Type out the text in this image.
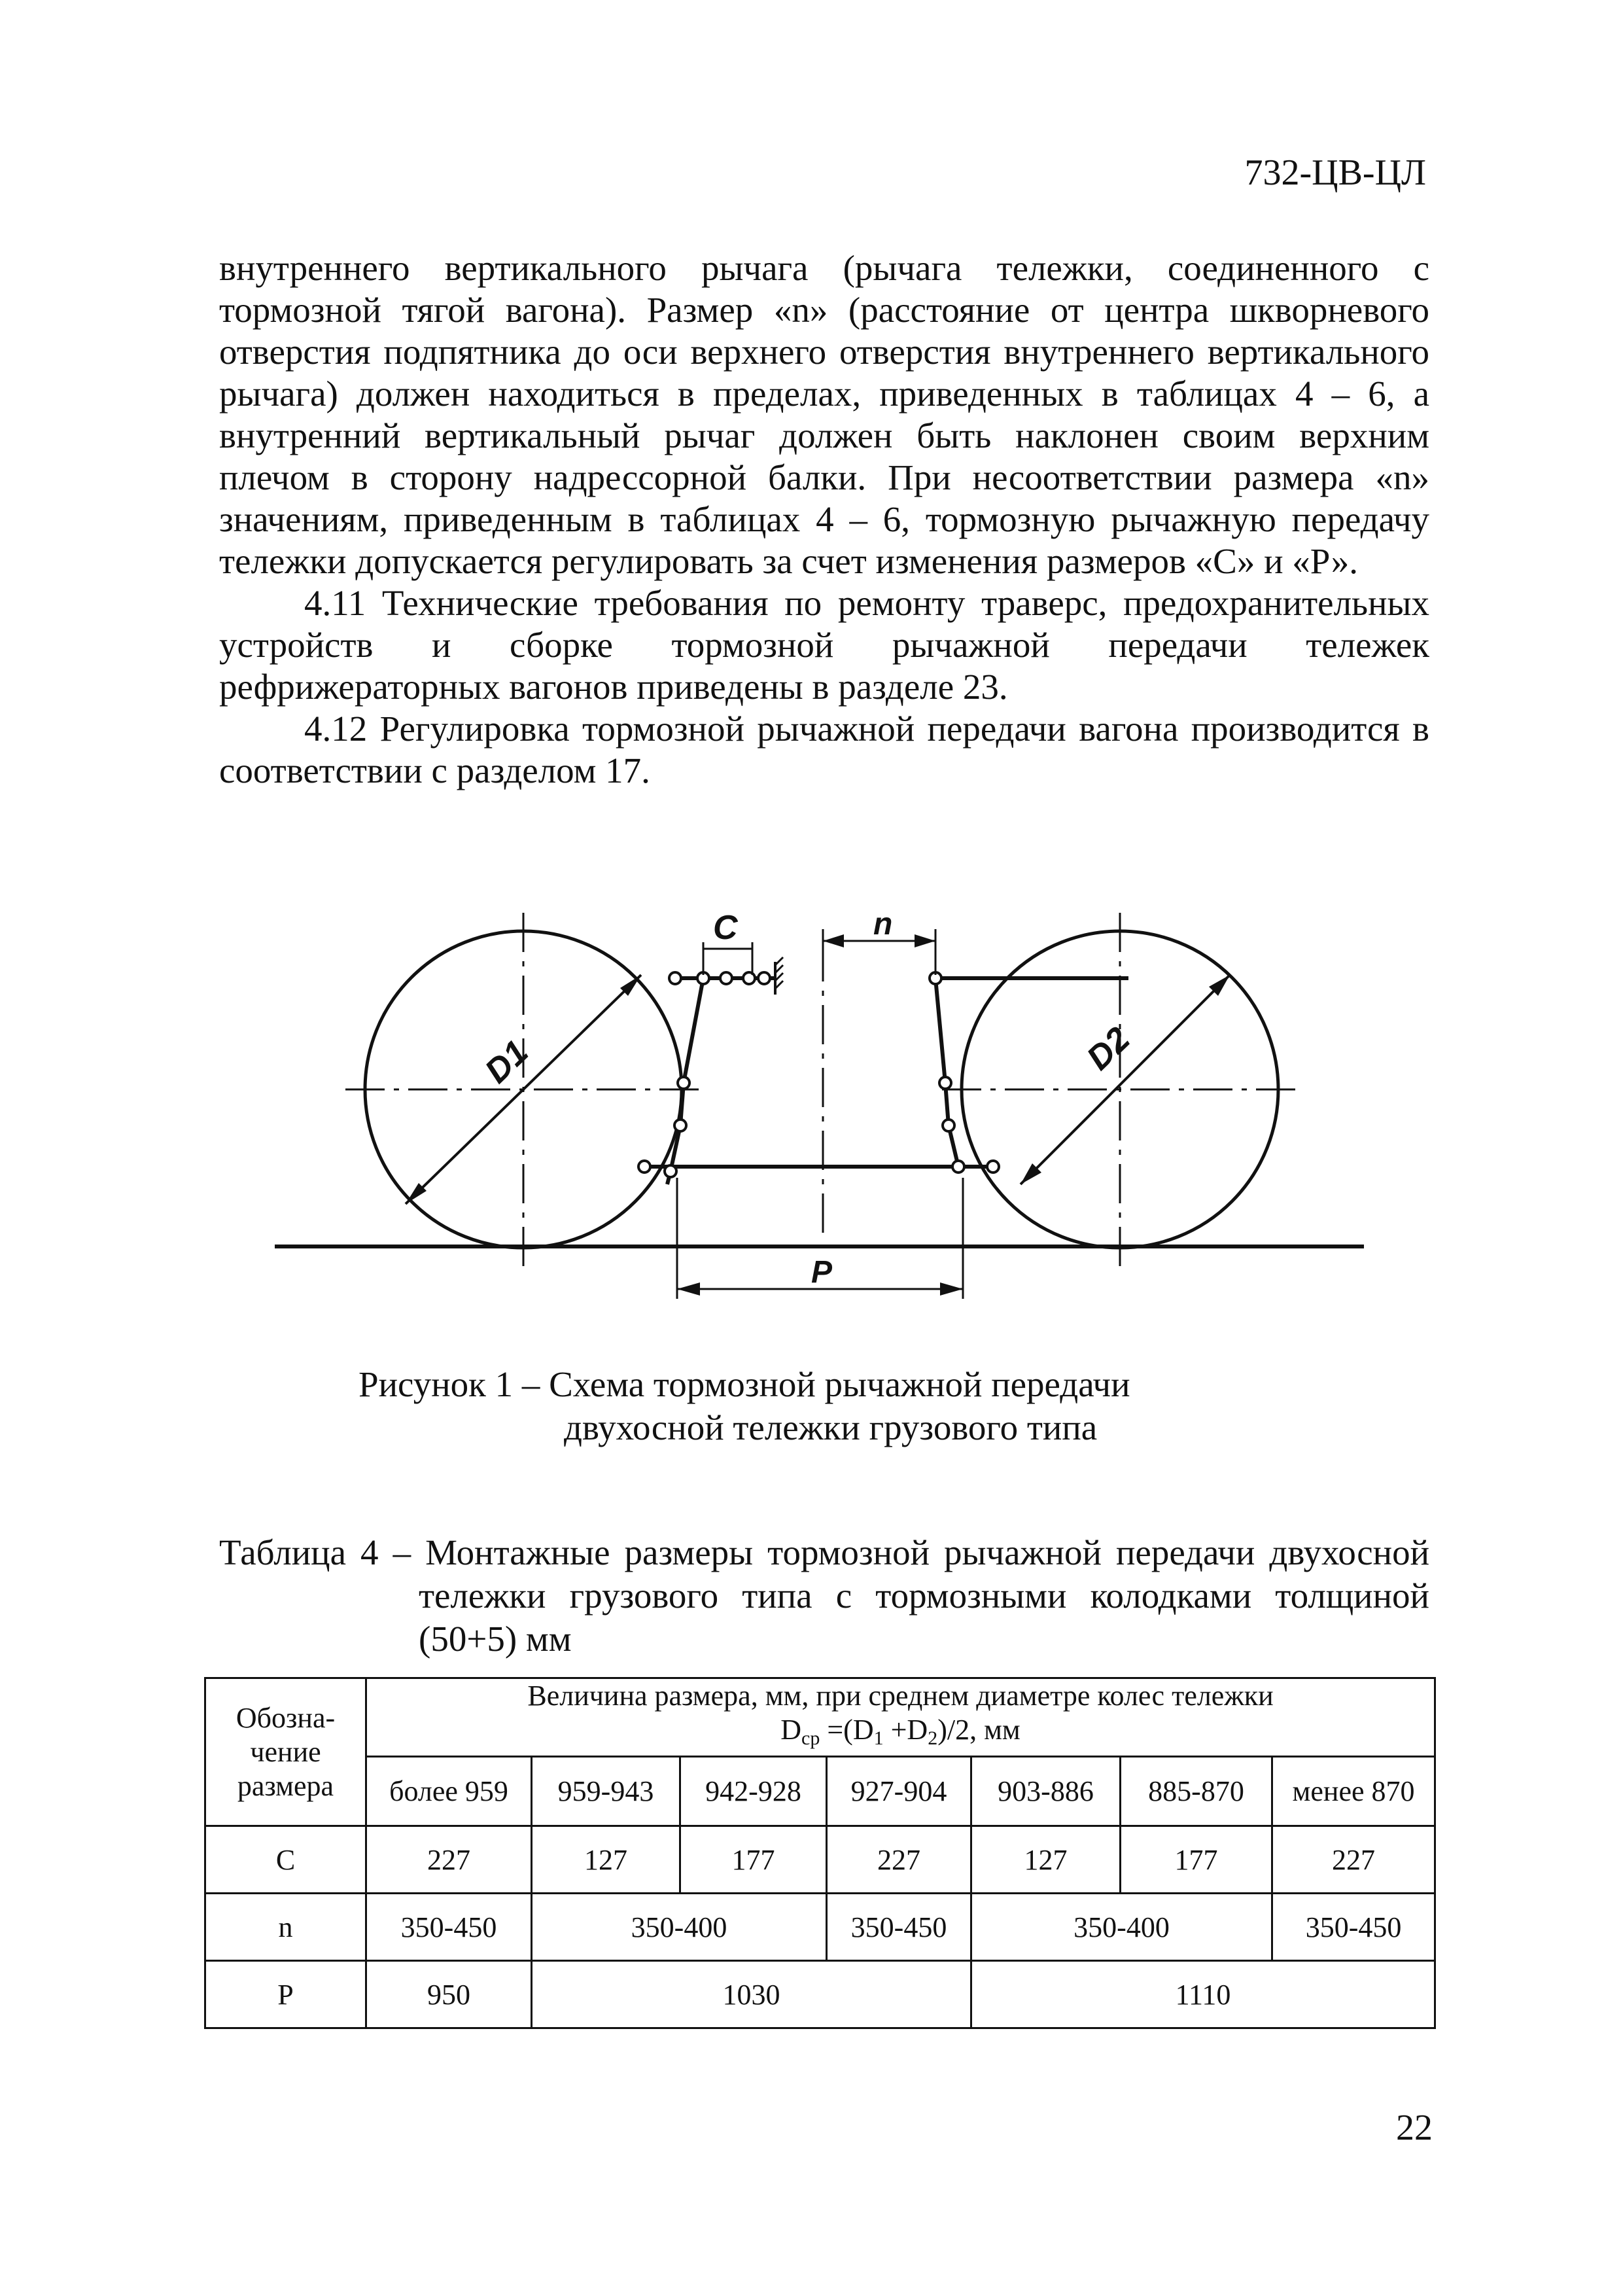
732-ЦВ-ЦЛ
внутреннего вертикального рычага (рычага тележки, соединенного с
тормозной тягой вагона). Размер «n» (расстояние от центра шкворневого
отверстия подпятника до оси верхнего отверстия внутреннего вертикального
рычага) должен находиться в пределах, приведенных в таблицах 4 – 6, а
внутренний вертикальный рычаг должен быть наклонен своим верхним
плечом в сторону надрессорной балки. При несоответствии размера «n»
значениям, приведенным в таблицах 4 – 6, тормозную рычажную передачу
тележки допускается регулировать за счет изменения размеров «С» и «Р».
4.11 Технические требования по ремонту траверс, предохранительных
устройств и сборке тормозной рычажной передачи тележек
рефрижераторных вагонов приведены в разделе 23.
4.12 Регулировка тормозной рычажной передачи вагона производится в
соответствии с разделом 17.
C	n
D1	D2
P
Рисунок 1 – Схема тормозной рычажной передачи
двухосной тележки грузового типа
Таблица 4 – Монтажные размеры тормозной рычажной передачи двухосной
тележки грузового типа с тормозными колодками толщиной
(50+5) мм
Обозна-чение размера	Величина размера, мм, при среднем диаметре колес тележки
$D_{ср} =(D_1 +D_2)/2$, мм						

	более 959	959-943	942-928	927-904	903-886	885-870	менее 870
С	227	127	177	227	127	177	227
n	350-450	350-400		350-450	350-400		350-450
Р	950	1030			1110		
22
